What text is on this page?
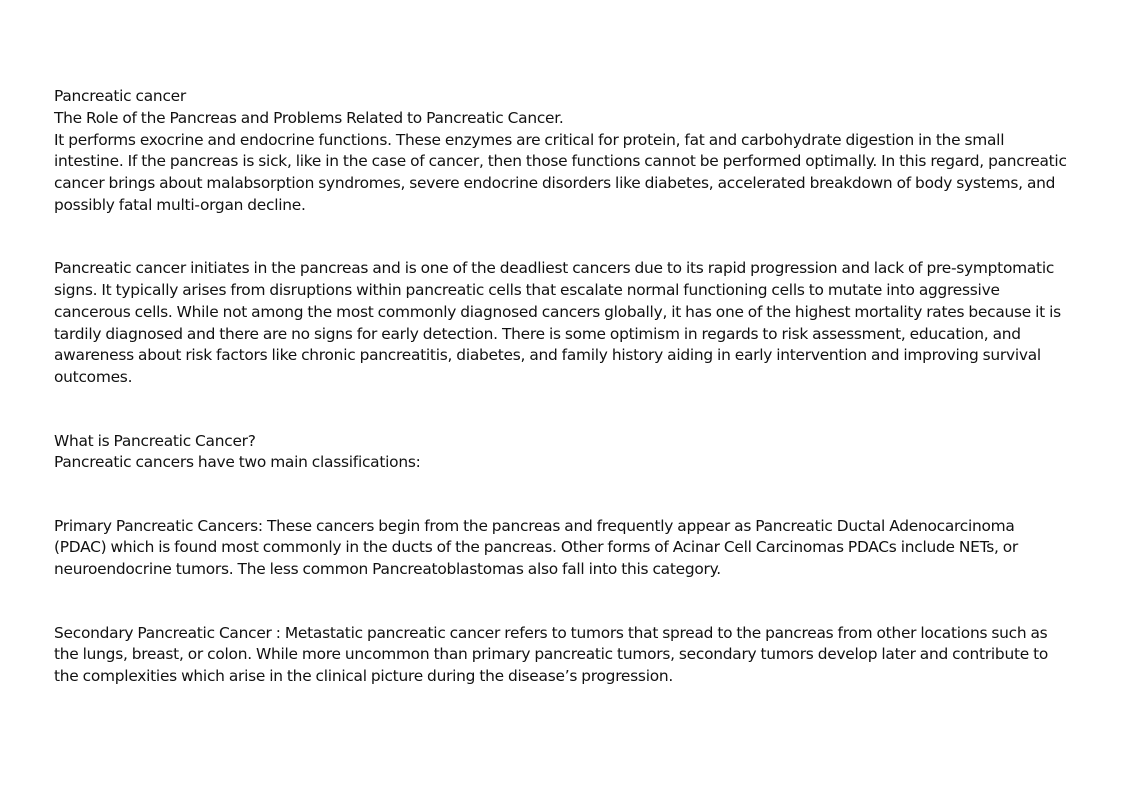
Pancreatic cancer
The Role of the Pancreas and Problems Related to Pancreatic Cancer.

It performs exocrine and endocrine functions. These enzymes are critical for protein, fat and carbohydrate digestion in the small intestine. If the pancreas is sick, like in the case of cancer, then those functions cannot be performed optimally. In this regard, pancreatic cancer brings about malabsorption syndromes, severe endocrine disorders like diabetes, accelerated breakdown of body systems, and possibly fatal multi-organ decline.

Pancreatic cancer initiates in the pancreas and is one of the deadliest cancers due to its rapid progression and lack of pre-symptomatic signs. It typically arises from disruptions within pancreatic cells that escalate normal functioning cells to mutate into aggressive cancerous cells. While not among the most commonly diagnosed cancers globally, it has one of the highest mortality rates because it is tardily diagnosed and there are no signs for early detection. There is some optimism in regards to risk assessment, education, and awareness about risk factors like chronic pancreatitis, diabetes, and family history aiding in early intervention and improving survival outcomes.

What is Pancreatic Cancer?
Pancreatic cancers have two main classifications:

Primary Pancreatic Cancers: These cancers begin from the pancreas and frequently appear as Pancreatic Ductal Adenocarcinoma (PDAC) which is found most commonly in the ducts of the pancreas. Other forms of Acinar Cell Carcinomas PDACs include NETs, or neuroendocrine tumors. The less common Pancreatoblastomas also fall into this category.

Secondary Pancreatic Cancer : Metastatic pancreatic cancer refers to tumors that spread to the pancreas from other locations such as the lungs, breast, or colon. While more uncommon than primary pancreatic tumors, secondary tumors develop later and contribute to the complexities which arise in the clinical picture during the disease’s progression.
